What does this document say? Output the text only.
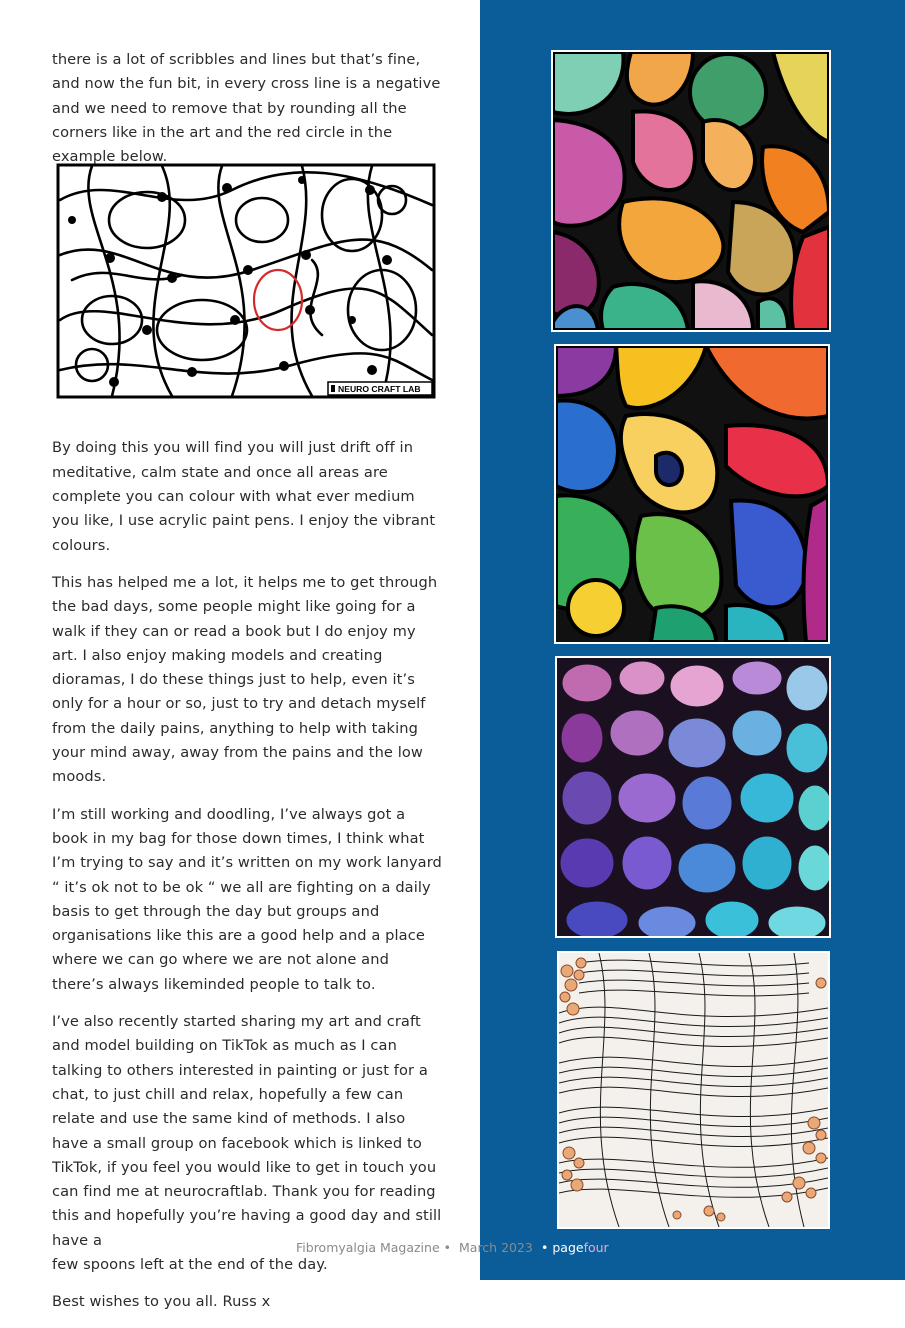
there is a lot of scribbles and lines but that’s fine, and now the fun bit, in every cross line is a negative and we need to remove that by rounding all the corners like in the art and the red circle in the example below.

By doing this you will find you will just drift off in meditative, calm state and once all areas are complete you can colour with what ever medium you like, I use acrylic paint pens. I enjoy the vibrant colours.

This has helped me a lot, it helps me to get through the bad days, some people might like going for a walk if they can or read a book but I do enjoy my art. I also enjoy making models and creating dioramas, I do these things just to help, even it’s only for a hour or so, just to try and detach myself from the daily pains, anything to help with taking your mind away, away from the pains and the low moods.

I’m still working and doodling, I’ve always got a book in my bag for those down times, I think what I’m trying to say and it’s written on my work lanyard “ it’s ok not to be ok “ we all are fighting on a daily basis to get through the day but groups and organisations like this are a good help and a place where we can go where we are not alone and there’s always likeminded people to talk to.

I’ve also recently started sharing my art and craft and model building on TikTok as much as I can talking to others interested in painting or just for a chat, to just chill and relax, hopefully a few can relate and use the same kind of methods. I also have a small group on facebook which is linked to TikTok, if you feel you would like to get in touch you can find me at neurocraftlab. Thank you for reading this and hopefully you’re having a good day and still have a

few spoons left at the end of the day.

Best wishes to you all. Russ x

NEURO CRAFT LAB
Fibromyalgia Magazine • March 2023 • pagefour
